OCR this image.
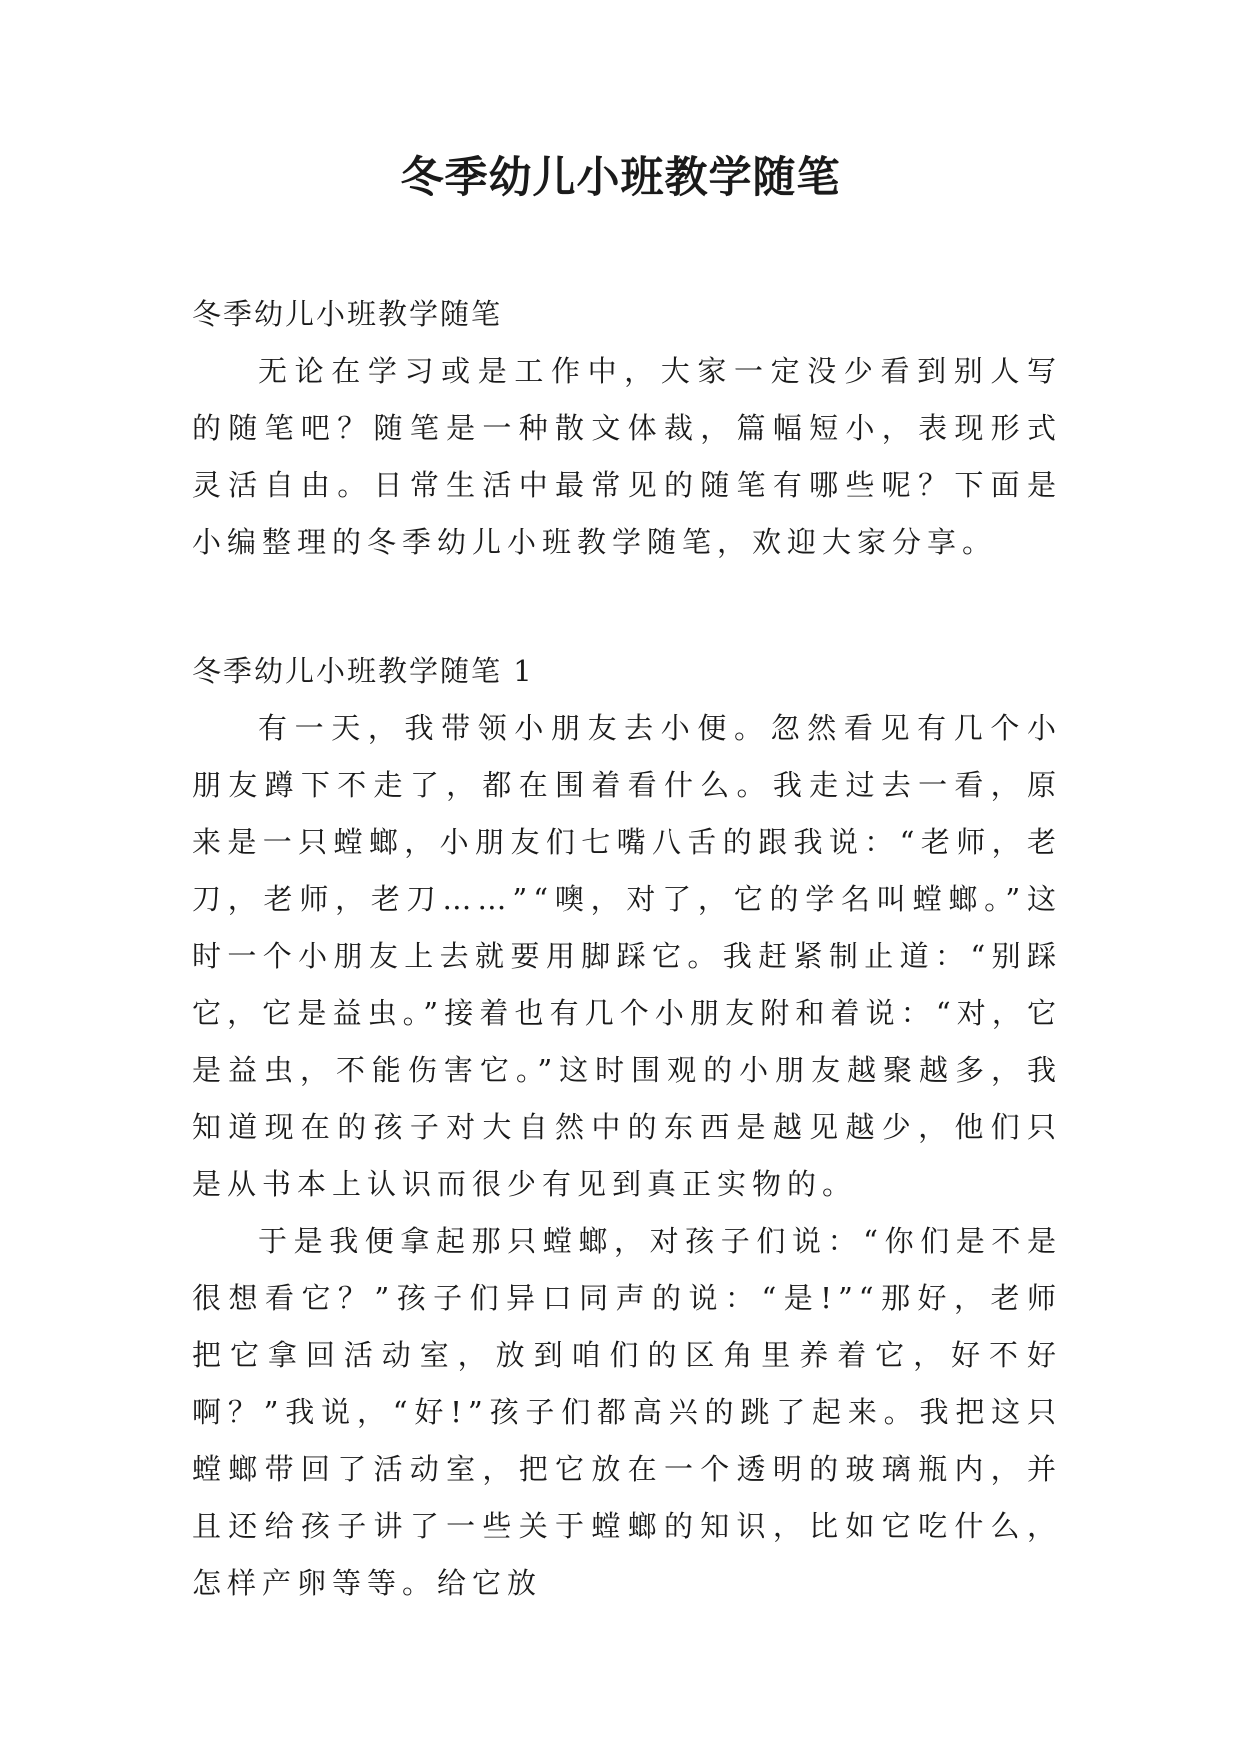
冬季幼儿小班教学随笔

冬季幼儿小班教学随笔

无论在学习或是工作中，大家一定没少看到别人写的随笔吧？随笔是一种散文体裁，篇幅短小，表现形式灵活自由。日常生活中最常见的随笔有哪些呢？下面是小编整理的冬季幼儿小班教学随笔，欢迎大家分享。

冬季幼儿小班教学随笔 1

有一天，我带领小朋友去小便。忽然看见有几个小朋友蹲下不走了，都在围着看什么。我走过去一看，原来是一只螳螂，小朋友们七嘴八舌的跟我说：“老师，老刀，老师，老刀……”“噢，对了，它的学名叫螳螂。”这时一个小朋友上去就要用脚踩它。我赶紧制止道：“别踩它，它是益虫。”接着也有几个小朋友附和着说：“对，它是益虫，不能伤害它。”这时围观的小朋友越聚越多，我知道现在的孩子对大自然中的东西是越见越少，他们只是从书本上认识而很少有见到真正实物的。

于是我便拿起那只螳螂，对孩子们说：“你们是不是很想看它？”孩子们异口同声的说：“是!”“那好，老师把它拿回活动室，放到咱们的区角里养着它，好不好啊？”我说，“好!”孩子们都高兴的跳了起来。我把这只螳螂带回了活动室，把它放在一个透明的玻璃瓶内，并且还给孩子讲了一些关于螳螂的知识，比如它吃什么，怎样产卵等等。给它放
